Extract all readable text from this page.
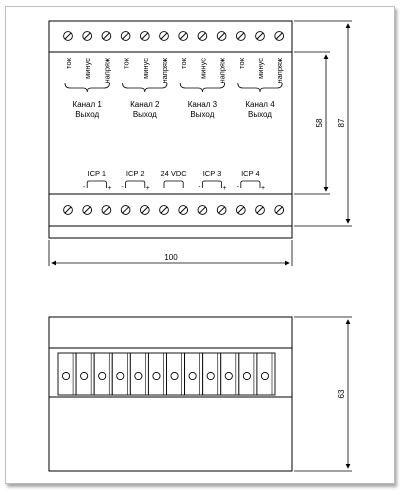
ток минус напряж
Канал 1
Выход
ток минус напряж
Канал 2
Выход
ток минус напряж
Канал 3
Выход
ток минус напряж
Канал 4
Выход
ICP 1
-	+
ICP 2
-	+
24 VDC ICP 3
-	+
ICP 4
-	+
100
58 87
63
